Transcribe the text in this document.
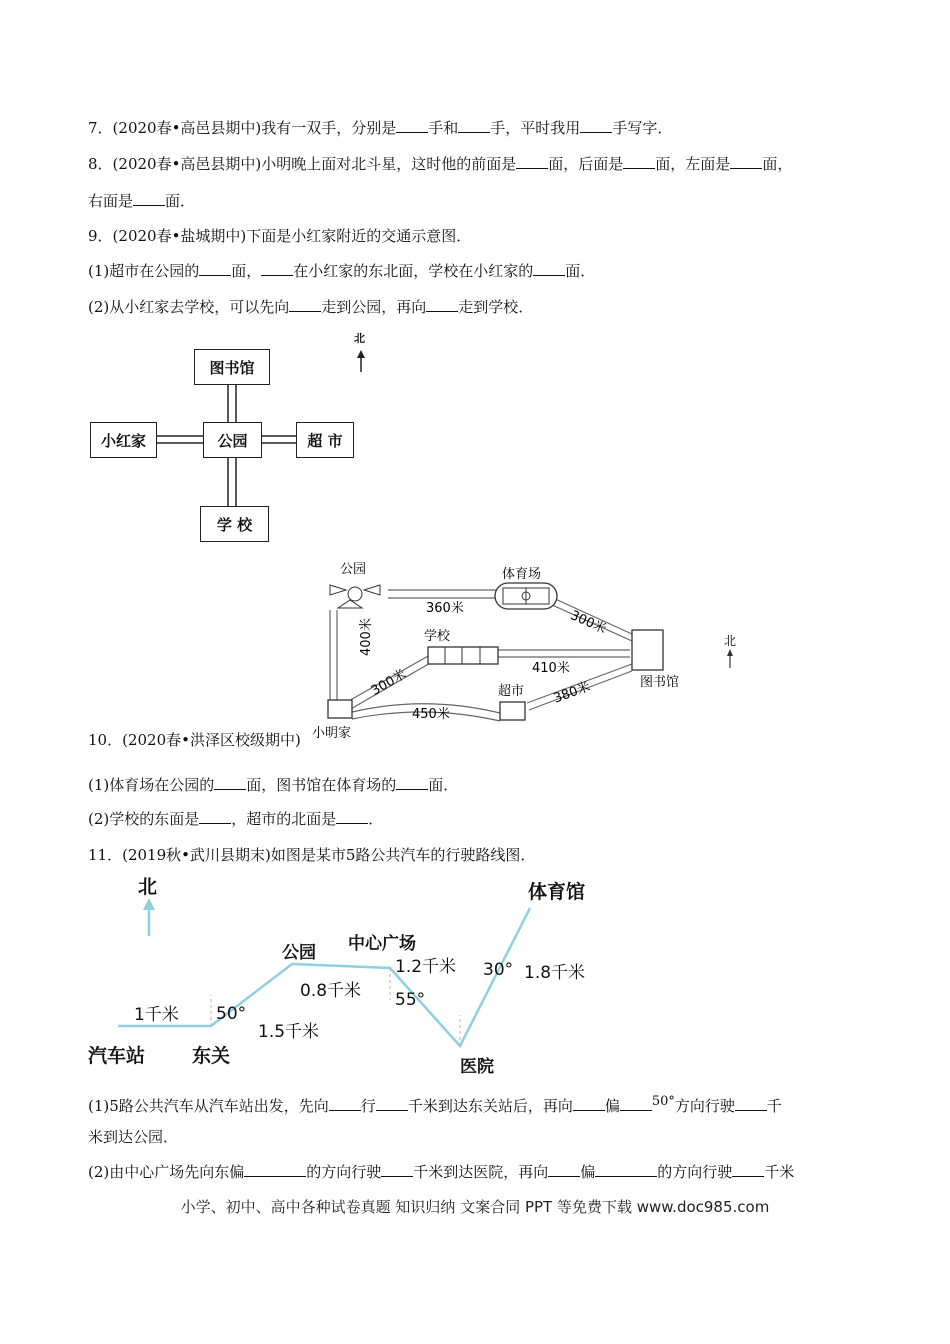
7．(2020春•高邑县期中)我有一双手，分别是 手和 手，平时我用 手写字．
8．(2020春•高邑县期中)小明晚上面对北斗星，这时他的前面是 面，后面是 面，左面是 面，
右面是 面．
9．(2020春•盐城期中)下面是小红家附近的交通示意图．
(1)超市在公园的 面， 在小红家的东北面，学校在小红家的 面．
(2)从小红家去学校，可以先向 走到公园，再向 走到学校．
图书馆
小红家	公园	超 市
学 校
北
公园	体育场
学校
超市
图书馆
小明家
北
360米	300米
400米
300米	410米
380米
450米
10．(2020春•洪泽区校级期中)
(1)体育场在公园的 面，图书馆在体育场的 面．
(2)学校的东面是 ，超市的北面是 ．
11．(2019秋•武川县期末)如图是某市5路公共汽车的行驶路线图．
北	体育馆
公园 中心广场
汽车站 东关	医院
1千米
1.5千米
0.8千米
1.2千米	1.8千米
50°
55°
30°
(1)5路公共汽车从汽车站出发，先向 行 千米到达东关站后，再向 偏 50°方向行驶 千
米到达公园．
(2)由中心广场先向东偏	的方向行驶 千米到达医院，再向 偏	的方向行驶 千米
小学、初中、高中各种试卷真题 知识归纳 文案合同 PPT 等免费下载 www.doc985.com
